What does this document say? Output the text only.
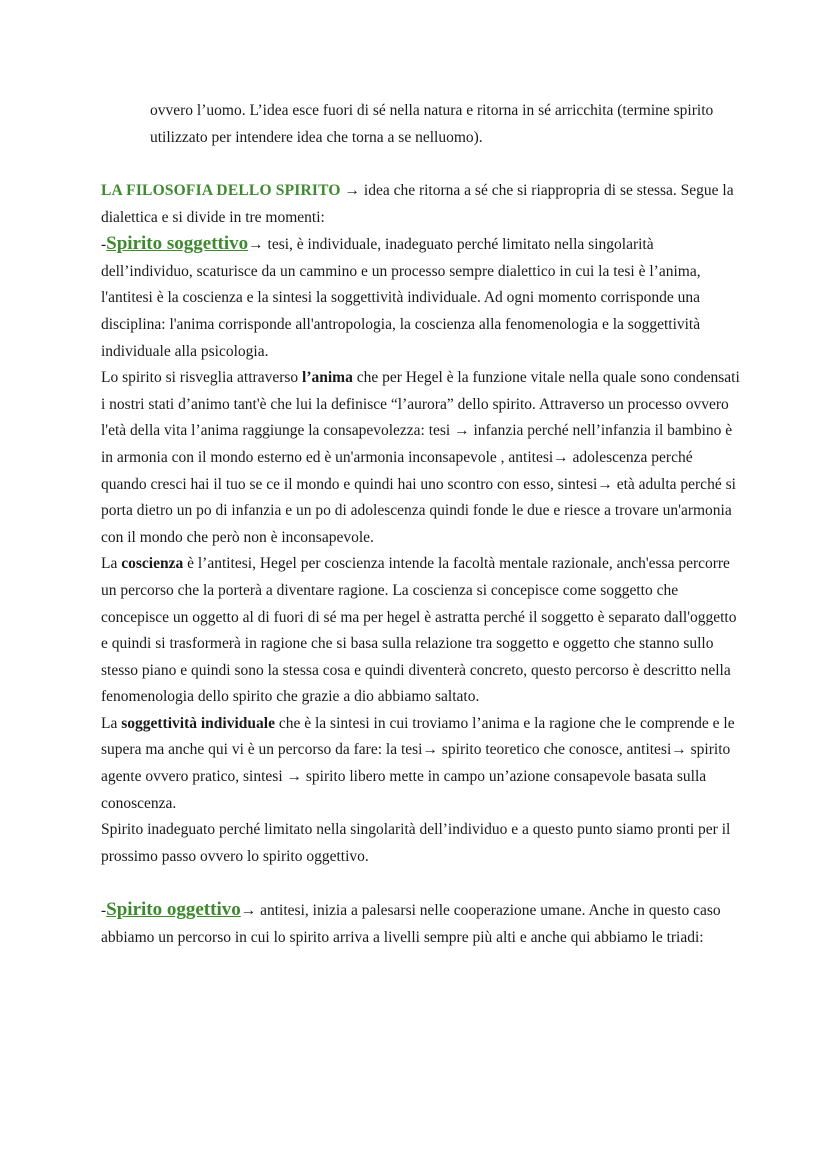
ovvero l’uomo. L’idea esce fuori di sé nella natura e ritorna in sé arricchita (termine spirito utilizzato per intendere idea che torna a se nelluomo).

LA FILOSOFIA DELLO SPIRITO → idea che ritorna a sé che si riappropria di se stessa. Segue la dialettica e si divide in tre momenti:

-Spirito soggettivo→ tesi, è individuale, inadeguato perché limitato nella singolarità dell’individuo, scaturisce da un cammino e un processo sempre dialettico in cui la tesi è l’anima, l'antitesi è la coscienza e la sintesi la soggettività individuale. Ad ogni momento corrisponde una disciplina: l'anima corrisponde all'antropologia, la coscienza alla fenomenologia e la soggettività individuale alla psicologia.

Lo spirito si risveglia attraverso l’anima che per Hegel è la funzione vitale nella quale sono condensati i nostri stati d’animo tant'è che lui la definisce “l’aurora” dello spirito. Attraverso un processo ovvero l'età della vita l’anima raggiunge la consapevolezza: tesi → infanzia perché nell’infanzia il bambino è in armonia con il mondo esterno ed è un'armonia inconsapevole , antitesi→ adolescenza perché quando cresci hai il tuo se ce il mondo e quindi hai uno scontro con esso, sintesi→ età adulta perché si porta dietro un po di infanzia e un po di adolescenza quindi fonde le due e riesce a trovare un'armonia con il mondo che però non è inconsapevole.

La coscienza è l’antitesi, Hegel per coscienza intende la facoltà mentale razionale, anch'essa percorre un percorso che la porterà a diventare ragione. La coscienza si concepisce come soggetto che concepisce un oggetto al di fuori di sé ma per hegel è astratta perché il soggetto è separato dall'oggetto e quindi si trasformerà in ragione che si basa sulla relazione tra soggetto e oggetto che stanno sullo stesso piano e quindi sono la stessa cosa e quindi diventerà concreto, questo percorso è descritto nella fenomenologia dello spirito che grazie a dio abbiamo saltato.

La soggettività individuale che è la sintesi in cui troviamo l’anima e la ragione che le comprende e le supera ma anche qui vi è un percorso da fare: la tesi→ spirito teoretico che conosce, antitesi→ spirito agente ovvero pratico, sintesi → spirito libero mette in campo un’azione consapevole basata sulla conoscenza.

Spirito inadeguato perché limitato nella singolarità dell’individuo e a questo punto siamo pronti per il prossimo passo ovvero lo spirito oggettivo.

-Spirito oggettivo→ antitesi, inizia a palesarsi nelle cooperazione umane. Anche in questo caso abbiamo un percorso in cui lo spirito arriva a livelli sempre più alti e anche qui abbiamo le triadi:
